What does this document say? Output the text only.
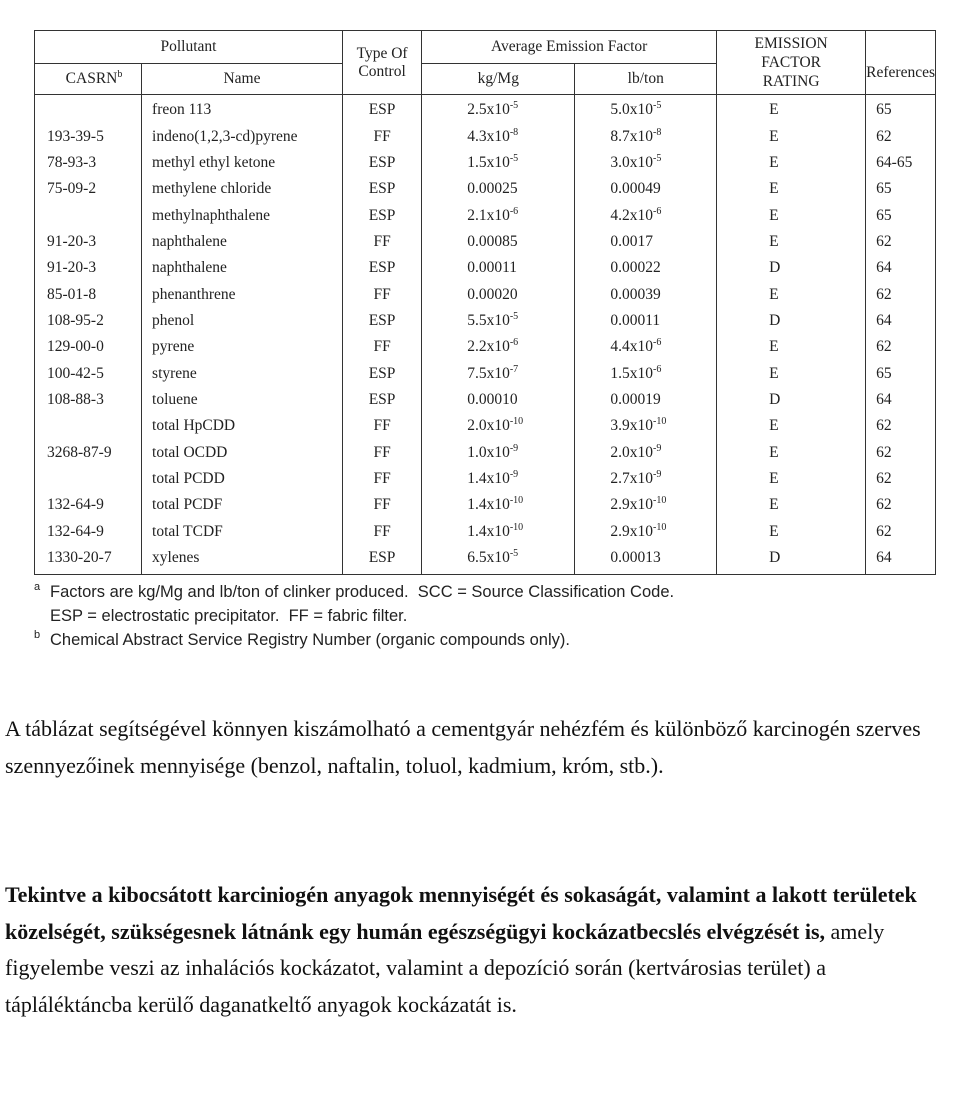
Pollutant		Type Of Control	Average Emission Factor		EMISSION FACTOR RATING	References
CASRN$^b$	Name		kg/Mg	lb/ton		
	freon 113	ESP	$2.5x10^{-5}$	$5.0x10^{-5}$	E	65
193-39-5	indeno(1,2,3-cd)pyrene	FF	$4.3x10^{-8}$	$8.7x10^{-8}$	E	62
78-93-3	methyl ethyl ketone	ESP	$1.5x10^{-5}$	$3.0x10^{-5}$	E	64-65
75-09-2	methylene chloride	ESP	0.00025	0.00049	E	65
	methylnaphthalene	ESP	$2.1x10^{-6}$	$4.2x10^{-6}$	E	65
91-20-3	naphthalene	FF	0.00085	0.0017	E	62
91-20-3	naphthalene	ESP	0.00011	0.00022	D	64
85-01-8	phenanthrene	FF	0.00020	0.00039	E	62
108-95-2	phenol	ESP	$5.5x10^{-5}$	0.00011	D	64
129-00-0	pyrene	FF	$2.2x10^{-6}$	$4.4x10^{-6}$	E	62
100-42-5	styrene	ESP	$7.5x10^{-7}$	$1.5x10^{-6}$	E	65
108-88-3	toluene	ESP	0.00010	0.00019	D	64
	total HpCDD	FF	$2.0x10^{-10}$	$3.9x10^{-10}$	E	62
3268-87-9	total OCDD	FF	$1.0x10^{-9}$	$2.0x10^{-9}$	E	62
	total PCDD	FF	$1.4x10^{-9}$	$2.7x10^{-9}$	E	62
132-64-9	total PCDF	FF	$1.4x10^{-10}$	$2.9x10^{-10}$	E	62
132-64-9	total TCDF	FF	$1.4x10^{-10}$	$2.9x10^{-10}$	E	62
1330-20-7	xylenes	ESP	$6.5x10^{-5}$	0.00013	D	64
a Factors are kg/Mg and lb/ton of clinker produced.  SCC = Source Classification Code.
ESP = electrostatic precipitator.  FF = fabric filter.
b Chemical Abstract Service Registry Number (organic compounds only).
A táblázat segítségével könnyen kiszámolható a cementgyár nehézfém és különböző karcinogén szerves szennyezőinek mennyisége (benzol, naftalin, toluol, kadmium, króm, stb.).
Tekintve a kibocsátott karciniogén anyagok mennyiségét és sokaságát, valamint a lakott területek közelségét, szükségesnek látnánk egy humán egészségügyi kockázatbecslés elvégzését is, amely figyelembe veszi az inhalációs kockázatot, valamint a depozíció során (kertvárosias terület) a tápláléktáncba kerülő daganatkeltő anyagok kockázatát is.
